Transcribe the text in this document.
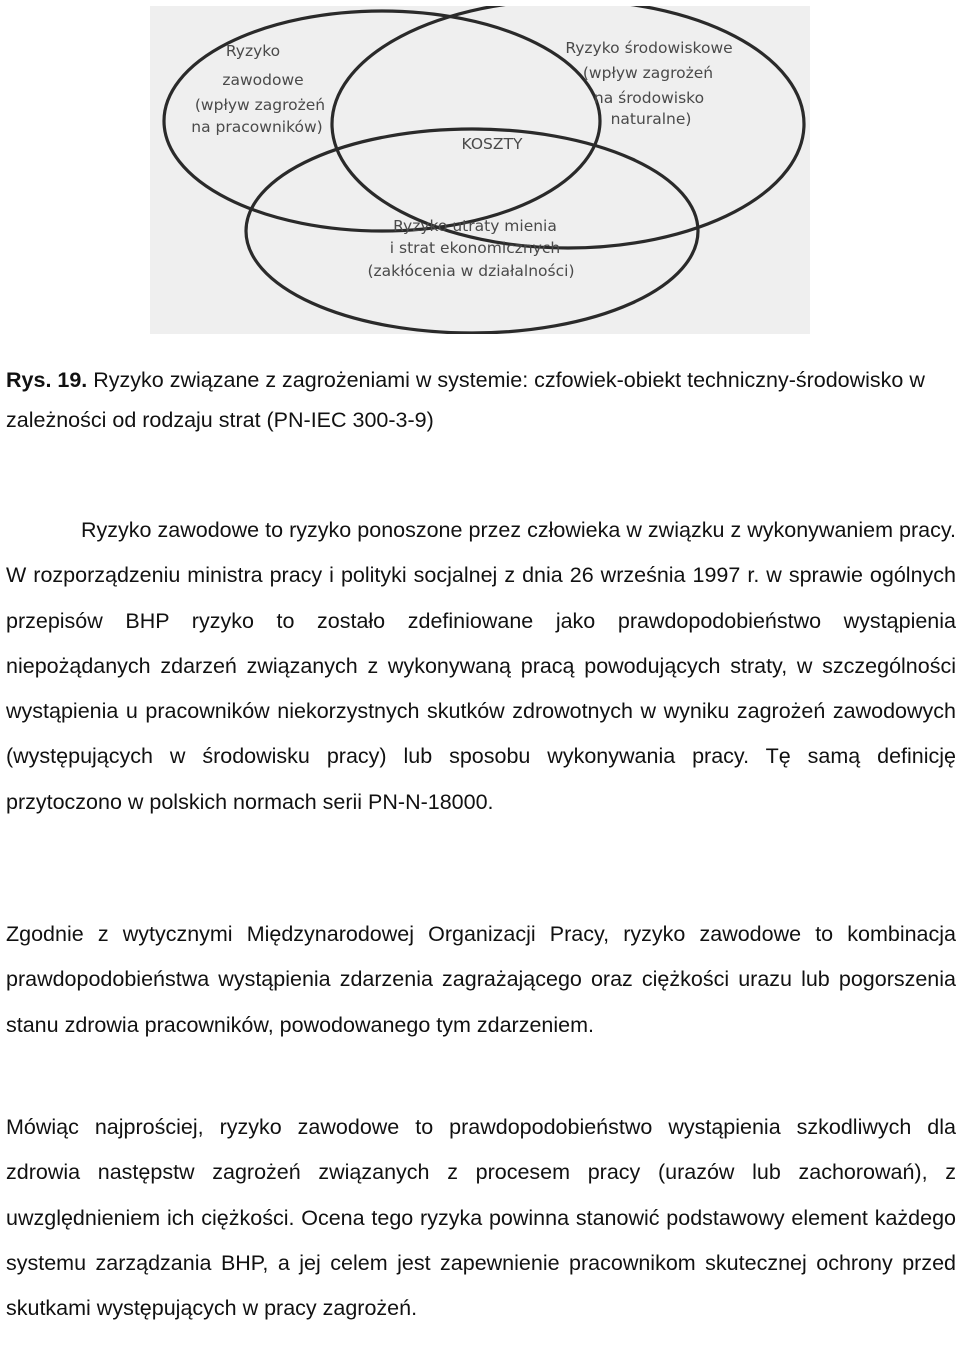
Ryzyko
zawodowe
(wpływ zagrożeń
na pracowników)
Ryzyko środowiskowe
(wpływ zagrożeń
na środowisko
naturalne)
KOSZTY
Ryzyko utraty mienia
i strat ekonomicznych
(zakłócenia w działalności)

Rys. 19. Ryzyko związane z zagrożeniami w systemie: czfowiek-obiekt techniczny-środowisko w zależności od rodzaju strat (PN-IEC 300-3-9)

Ryzyko zawodowe to ryzyko ponoszone przez człowieka w związku z wykonywaniem pracy. W rozporządzeniu ministra pracy i polityki socjalnej z dnia 26 września 1997 r. w sprawie ogólnych przepisów BHP ryzyko to zostało zdefiniowane jako prawdopodobieństwo wystąpienia niepożądanych zdarzeń związanych z wykonywaną pracą powodujących straty, w szczególności wystąpienia u pracowników niekorzystnych skutków zdrowotnych w wyniku zagrożeń zawodowych (występujących w środowisku pracy) lub sposobu wykonywania pracy. Tę samą definicję przytoczono w polskich normach serii PN-N-18000.

Zgodnie z wytycznymi Międzynarodowej Organizacji Pracy, ryzyko zawodowe to kombinacja prawdopodobieństwa wystąpienia zdarzenia zagrażającego oraz ciężkości urazu lub pogorszenia stanu zdrowia pracowników, powodowanego tym zdarzeniem.

Mówiąc najprościej, ryzyko zawodowe to prawdopodobieństwo wystąpienia szkodliwych dla zdrowia następstw zagrożeń związanych z procesem pracy (urazów lub zachorowań), z uwzględnieniem ich ciężkości. Ocena tego ryzyka powinna stanowić podstawowy element każdego systemu zarządzania BHP, a jej celem jest zapewnienie pracownikom skutecznej ochrony przed skutkami występujących w pracy zagrożeń.
